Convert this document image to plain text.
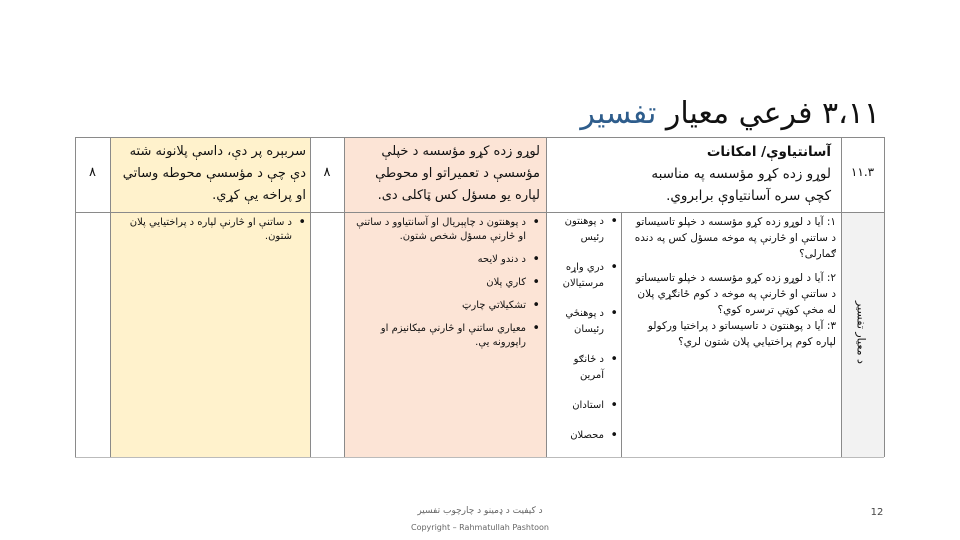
۳،۱۱ فرعي معيار تفسير
۱۱.۳
آسانتياوې/ امکانات
لوړو زده کړو مؤسسه په مناسبه کچې سره آسانتياوې برابروي.
لوړو زده کړو مؤسسه د خپلې مؤسسې د تعميراتو او محوطې لپاره يو مسؤل کس ټاکلی دی.
۸
سربېره پر دې، داسې پلانونه شته دې چې د مؤسسې محوطه وساتي او پراخه يې کړي.
۸
د معيار تفسير
۱: آيا د لوړو زده کړو مؤسسه د خپلو تاسيساتو د ساتنې او څارنې په موخه مسؤل کس په دنده ګمارلی؟
۲: آيا د لوړو زده کړو مؤسسه د خپلو تاسيساتو د ساتنې او څارنې په موخه د کوم ځانګړي پلان له مخې کوټې ترسره کوي؟
۳: آيا د پوهنتون د تاسيساتو د پراختيا ورکولو لپاره کوم پراختيايي پلان شتون لري؟
• د پوهنتون رئيس
• دري واړه مرستيالان
• د پوهنځي رئيسان
• د ځانګو آمرين
• استادان
• محصلان
• د پوهنتون د چاپېريال او آسانتياوو د ساتنې او څارنې مسؤل شخص شتون.
• د دندو لايحه
• کاري پلان
• تشکيلاتي چارټ
• معياري ساتنې او څارنې ميکانيزم او راپورونه يې.
• د ساتنې او څارنې لپاره د پراختيايي پلان شتون.
د کيفيت د ډمينو د چارچوب تفسير
Copyright – Rahmatullah Pashtoon
12
